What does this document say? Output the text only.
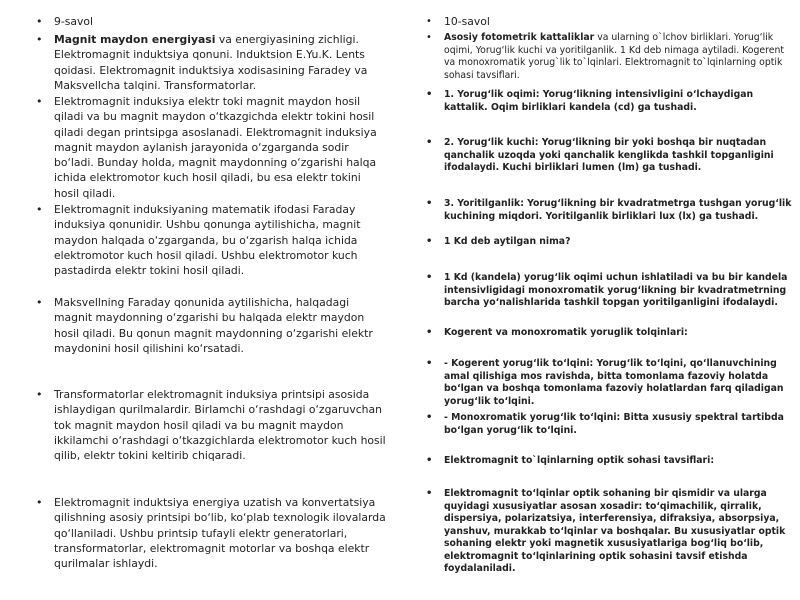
• 9-savol
• Magnit maydon energiyasi va energiyasining zichligi. Elektromagnit induktsiya qonuni. Induktsion E.Yu.K. Lents qoidasi. Elektromagnit induktsiya xodisasining Faradey va Maksvellcha talqini. Transformatorlar.
• Elektromagnit induksiya elektr toki magnit maydon hosil qiladi va bu magnit maydon o‘tkazgichda elektr tokini hosil qiladi degan printsipga asoslanadi. Elektromagnit induksiya magnit maydon aylanish jarayonida o‘zgarganda sodir bo‘ladi. Bunday holda, magnit maydonning o‘zgarishi halqa ichida elektromotor kuch hosil qiladi, bu esa elektr tokini hosil qiladi.
• Elektromagnit induksiyaning matematik ifodasi Faraday induksiya qonunidir. Ushbu qonunga aytilishicha, magnit maydon halqada o‘zgarganda, bu o‘zgarish halqa ichida elektromotor kuch hosil qiladi. Ushbu elektromotor kuch pastadirda elektr tokini hosil qiladi.
• Maksvellning Faraday qonunida aytilishicha, halqadagi magnit maydonning o‘zgarishi bu halqada elektr maydon hosil qiladi. Bu qonun magnit maydonning o‘zgarishi elektr maydonini hosil qilishini ko‘rsatadi.
• Transformatorlar elektromagnit induksiya printsipi asosida ishlaydigan qurilmalardir. Birlamchi o‘rashdagi o‘zgaruvchan tok magnit maydon hosil qiladi va bu magnit maydon ikkilamchi o‘rashdagi o‘tkazgichlarda elektromotor kuch hosil qilib, elektr tokini keltirib chiqaradi.
• Elektromagnit induktsiya energiya uzatish va konvertatsiya qilishning asosiy printsipi bo‘lib, ko‘plab texnologik ilovalarda qo‘llaniladi. Ushbu printsip tufayli elektr generatorlari, transformatorlar, elektromagnit motorlar va boshqa elektr qurilmalar ishlaydi.
• 10-savol
• Asosiy fotometrik kattaliklar va ularning o`lchov birliklari. Yorug‘lik oqimi, Yorug‘lik kuchi va yoritilganlik. 1 Kd deb nimaga aytiladi. Kogerent va monoxromatik yorug`lik to`lqinlari. Elektromagnit to`lqinlarning optik sohasi tavsiflari.
• 1. Yorug‘lik oqimi: Yorug‘likning intensivligini o‘lchaydigan kattalik. Oqim birliklari kandela (cd) ga tushadi.
• 2. Yorug‘lik kuchi: Yorug‘likning bir yoki boshqa bir nuqtadan qanchalik uzoqda yoki qanchalik kenglikda tashkil topganligini ifodalaydi. Kuchi birliklari lumen (lm) ga tushadi.
• 3. Yoritilganlik: Yorug‘likning bir kvadratmetrga tushgan yorug‘lik kuchining miqdori. Yoritilganlik birliklari lux (lx) ga tushadi.
• 1 Kd deb aytilgan nima?
• 1 Kd (kandela) yorug‘lik oqimi uchun ishlatiladi va bu bir kandela intensivligidagi monoxromatik yorug‘likning bir kvadratmetrning barcha yo‘nalishlarida tashkil topgan yoritilganligini ifodalaydi.
• Kogerent va monoxromatik yoruglik tolqinlari:
• - Kogerent yorug‘lik to‘lqini: Yorug‘lik to‘lqini, qo‘llanuvchining amal qilishiga mos ravishda, bitta tomonlama fazoviy holatda bo‘lgan va boshqa tomonlama fazoviy holatlardan farq qiladigan yorug‘lik to‘lqini.
• - Monoxromatik yorug‘lik to‘lqini: Bitta xususiy spektral tartibda bo‘lgan yorug‘lik to‘lqini.
• Elektromagnit to`lqinlarning optik sohasi tavsiflari:
• Elektromagnit to‘lqinlar optik sohaning bir qismidir va ularga quyidagi xususiyatlar asosan xosadir: to‘qimachilik, qirralik, dispersiya, polarizatsiya, interferensiya, difraksiya, absorpsiya, yanshuv, murakkab to‘lqinlar va boshqalar. Bu xususiyatlar optik sohaning elektr yoki magnetik xususiyatlariga bog‘liq bo‘lib, elektromagnit to‘lqinlarining optik sohasini tavsif etishda foydalaniladi.
